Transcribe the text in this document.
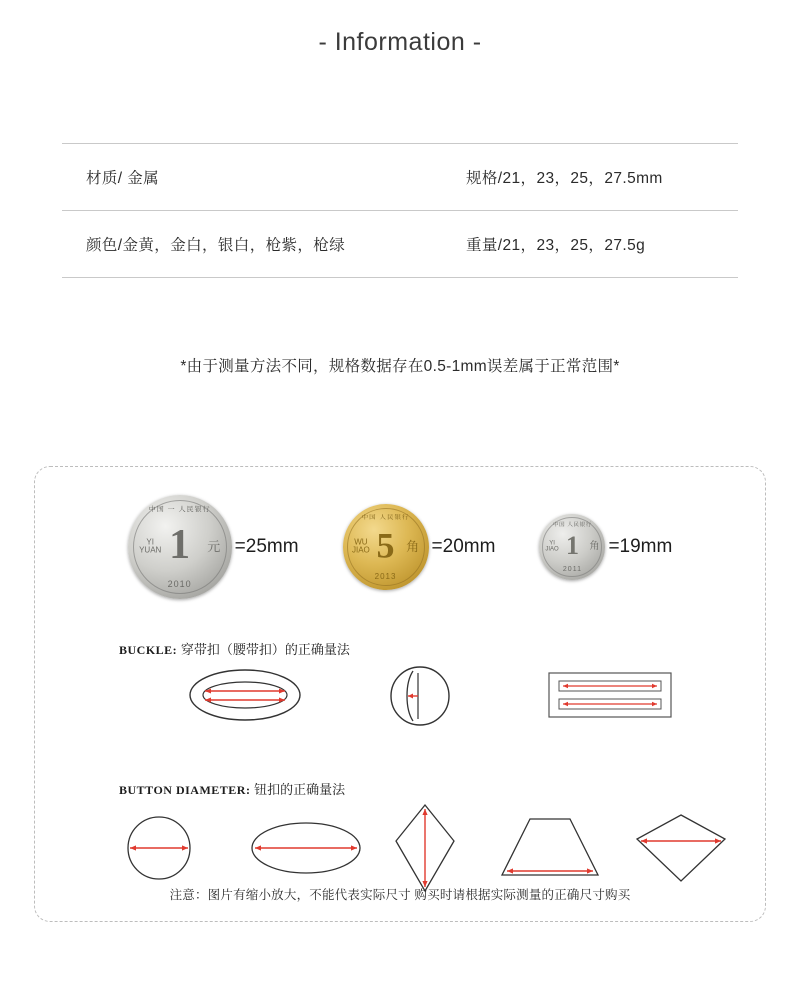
- Information -
材质/ 金属	规格/21，23，25，27.5mm
颜色/金黄，金白，银白，枪紫，枪绿	重量/21，23，25，27.5g
*由于测量方法不同，规格数据存在0.5-1mm误差属于正常范围*
中国 一 人民银行
YI
YUAN 1	元
2010
=25mm
中国 人民银行
WU
JIAO 5 角
2013
=20mm
中国 人民银行
YI
JIAO 1	角
2011
=19mm
BUCKLE: 穿带扣（腰带扣）的正确量法
BUTTON DIAMETER: 钮扣的正确量法
注意：图片有缩小放大，不能代表实际尺寸 购买时请根据实际测量的正确尺寸购买
